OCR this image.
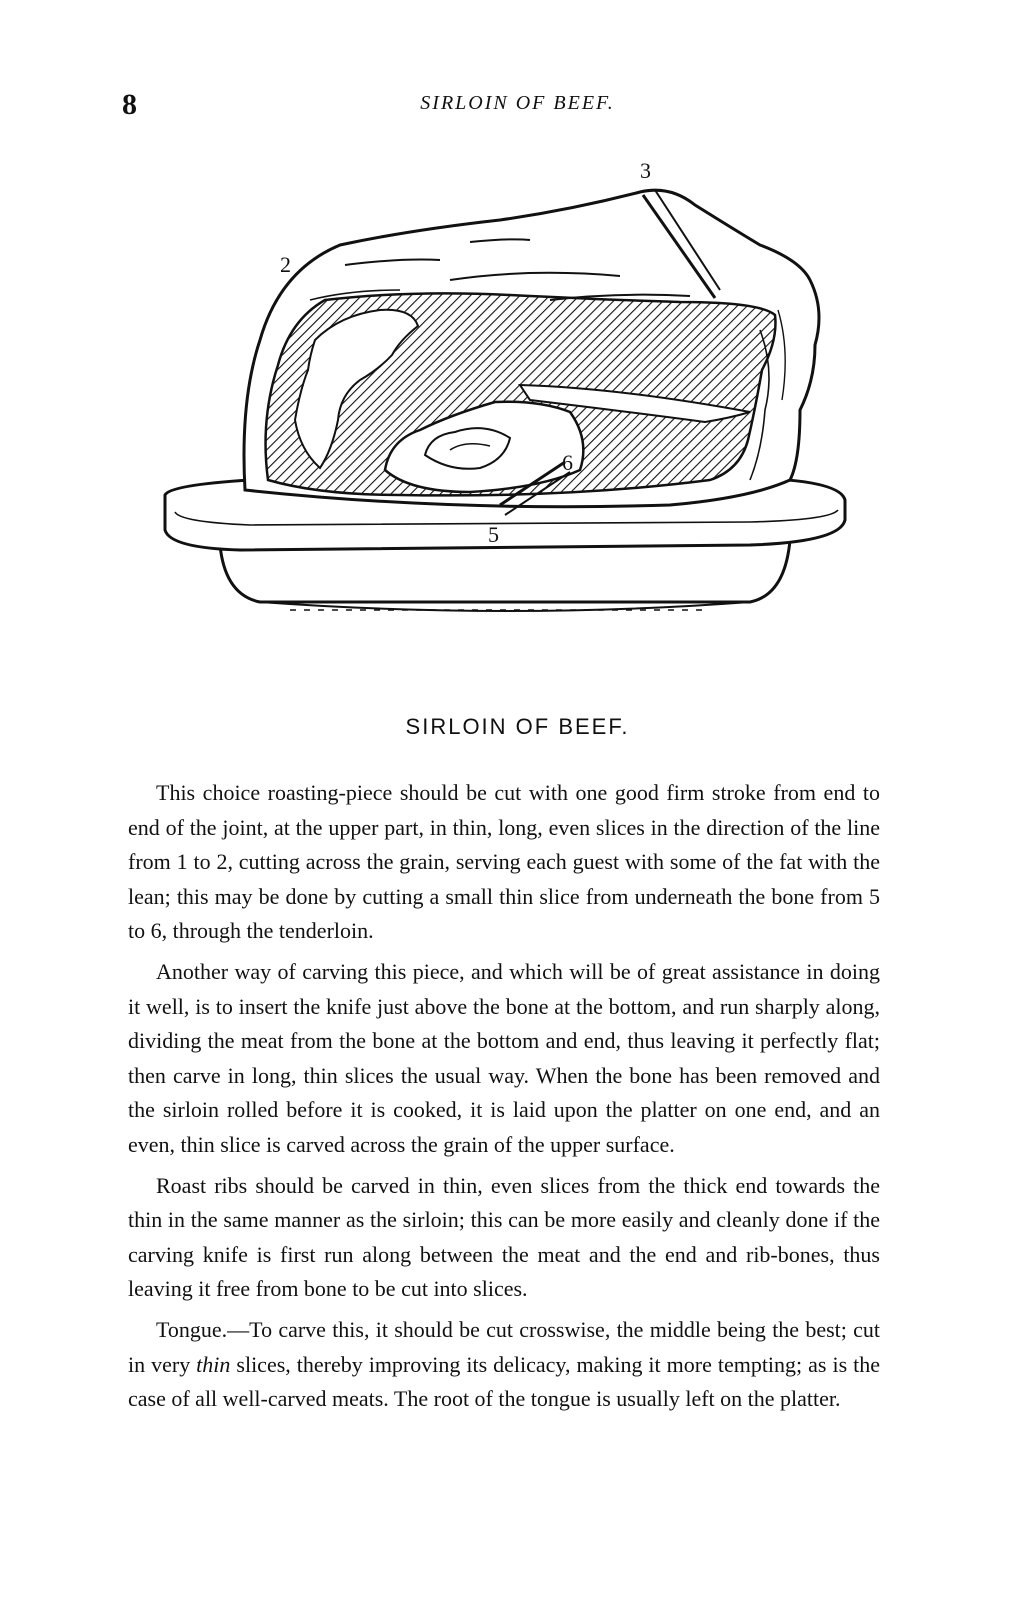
8	SIRLOIN OF BEEF.
2
3
5
6
SIRLOIN OF BEEF.

This choice roasting-piece should be cut with one good firm stroke from end to end of the joint, at the upper part, in thin, long, even slices in the direction of the line from 1 to 2, cutting across the grain, serving each guest with some of the fat with the lean; this may be done by cutting a small thin slice from underneath the bone from 5 to 6, through the tenderloin.

Another way of carving this piece, and which will be of great assistance in doing it well, is to insert the knife just above the bone at the bottom, and run sharply along, dividing the meat from the bone at the bottom and end, thus leaving it perfectly flat; then carve in long, thin slices the usual way. When the bone has been removed and the sirloin rolled before it is cooked, it is laid upon the platter on one end, and an even, thin slice is carved across the grain of the upper surface.

Roast ribs should be carved in thin, even slices from the thick end towards the thin in the same manner as the sirloin; this can be more easily and cleanly done if the carving knife is first run along between the meat and the end and rib-bones, thus leaving it free from bone to be cut into slices.

Tongue.—To carve this, it should be cut crosswise, the middle being the best; cut in very thin slices, thereby improving its delicacy, making it more tempting; as is the case of all well-carved meats. The root of the tongue is usually left on the platter.
